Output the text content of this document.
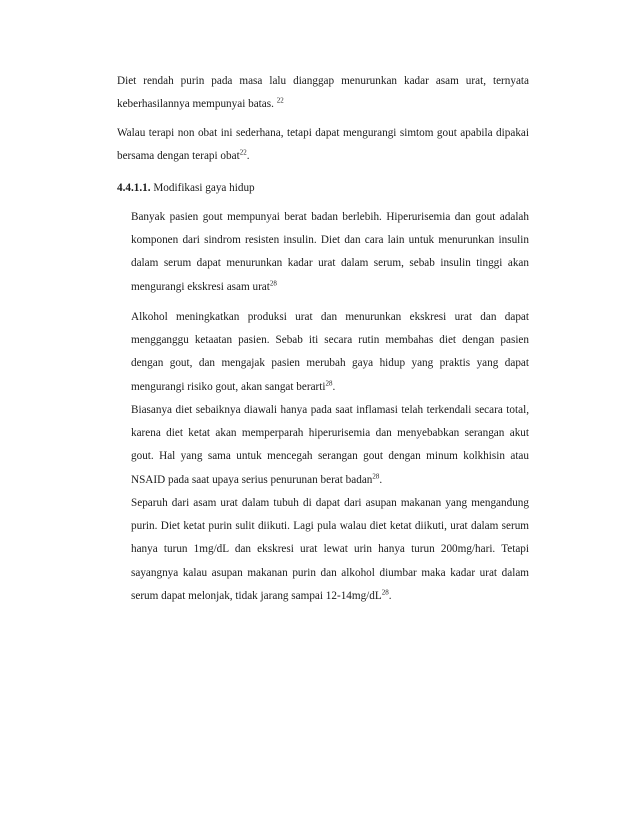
Diet rendah purin pada masa lalu dianggap menurunkan kadar asam urat, ternyata keberhasilannya mempunyai batas. $^{22}$

Walau terapi non obat ini sederhana, tetapi dapat mengurangi simtom gout apabila dipakai bersama dengan terapi obat$^{22}$.

4.4.1.1. Modifikasi gaya hidup

Banyak pasien gout mempunyai berat badan berlebih. Hiperurisemia dan gout adalah komponen dari sindrom resisten insulin. Diet dan cara lain untuk menurunkan insulin dalam serum dapat menurunkan kadar urat dalam serum, sebab insulin tinggi akan mengurangi ekskresi asam urat$^{28}$

Alkohol meningkatkan produksi urat dan menurunkan ekskresi urat dan dapat mengganggu ketaatan pasien. Sebab iti secara rutin membahas diet dengan pasien dengan gout, dan mengajak pasien merubah gaya hidup yang praktis yang dapat mengurangi risiko gout, akan sangat berarti$^{28}$.

Biasanya diet sebaiknya diawali hanya pada saat inflamasi telah terkendali secara total, karena diet ketat akan memperparah hiperurisemia dan menyebabkan serangan akut gout. Hal yang sama untuk mencegah serangan gout dengan minum kolkhisin atau NSAID pada saat upaya serius penurunan berat badan$^{28}$.

Separuh dari asam urat dalam tubuh di dapat dari asupan makanan yang mengandung purin. Diet ketat purin sulit diikuti. Lagi pula walau diet ketat diikuti, urat dalam serum hanya turun 1mg/dL dan ekskresi urat lewat urin hanya turun 200mg/hari. Tetapi sayangnya kalau asupan makanan purin dan alkohol diumbar maka kadar urat dalam serum dapat melonjak, tidak jarang sampai $12-14mg/dL^{28}$.
